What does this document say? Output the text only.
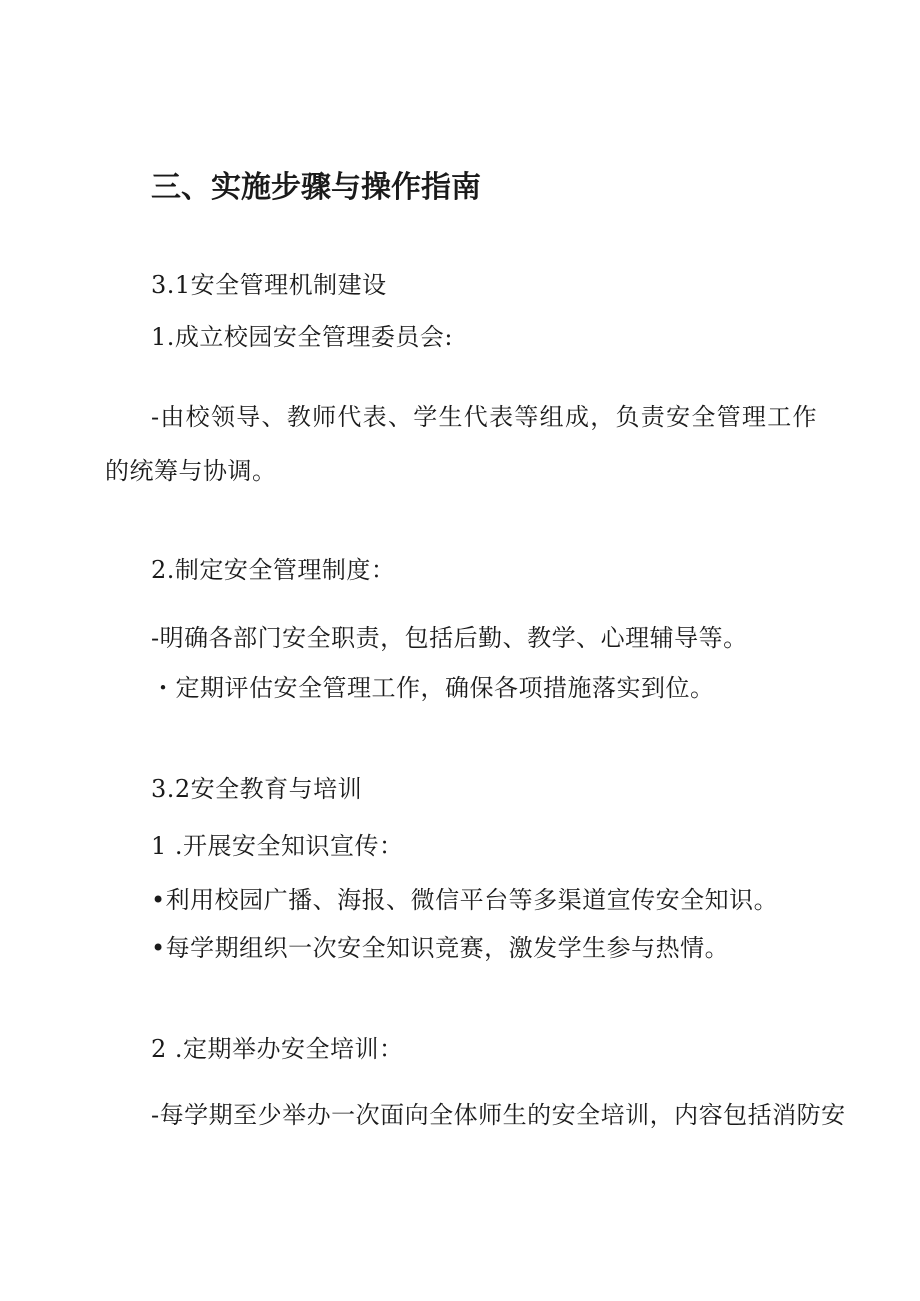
三、实施步骤与操作指南
3.1安全管理机制建设
1.成立校园安全管理委员会:
-由校领导、教师代表、学生代表等组成，负责安全管理工作的统筹与协调。
2.制定安全管理制度：
-明确各部门安全职责，包括后勤、教学、心理辅导等。
・定期评估安全管理工作，确保各项措施落实到位。
3.2安全教育与培训
1 .开展安全知识宣传：
•利用校园广播、海报、微信平台等多渠道宣传安全知识。
•每学期组织一次安全知识竞赛，激发学生参与热情。
2 .定期举办安全培训：
-每学期至少举办一次面向全体师生的安全培训，内容包括消防安
